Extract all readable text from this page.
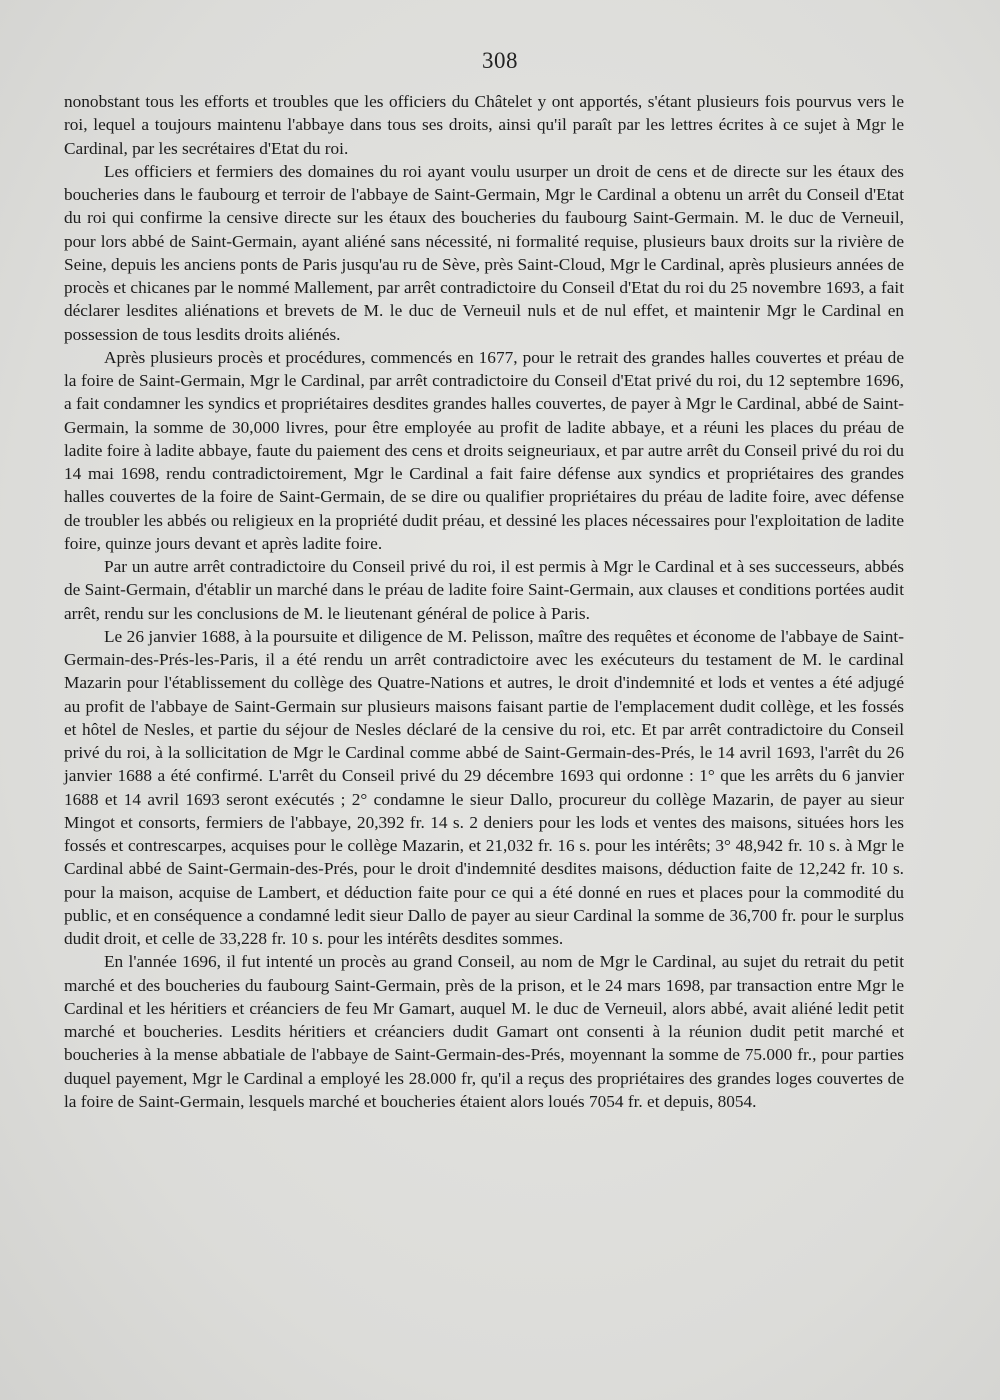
308

nonobstant tous les efforts et troubles que les officiers du Châtelet y ont apportés, s'étant plusieurs fois pourvus vers le roi, lequel a toujours maintenu l'abbaye dans tous ses droits, ainsi qu'il paraît par les lettres écrites à ce sujet à Mgr le Cardinal, par les secrétaires d'Etat du roi.

Les officiers et fermiers des domaines du roi ayant voulu usurper un droit de cens et de directe sur les étaux des boucheries dans le faubourg et terroir de l'abbaye de Saint-Germain, Mgr le Cardinal a obtenu un arrêt du Conseil d'Etat du roi qui confirme la censive directe sur les étaux des boucheries du faubourg Saint-Germain. M. le duc de Verneuil, pour lors abbé de Saint-Germain, ayant aliéné sans nécessité, ni formalité requise, plusieurs baux droits sur la rivière de Seine, depuis les anciens ponts de Paris jusqu'au ru de Sève, près Saint-Cloud, Mgr le Cardinal, après plusieurs années de procès et chicanes par le nommé Mallement, par arrêt contradictoire du Conseil d'Etat du roi du 25 novembre 1693, a fait déclarer lesdites aliénations et brevets de M. le duc de Verneuil nuls et de nul effet, et maintenir Mgr le Cardinal en possession de tous lesdits droits aliénés.

Après plusieurs procès et procédures, commencés en 1677, pour le retrait des grandes halles couvertes et préau de la foire de Saint-Germain, Mgr le Cardinal, par arrêt contradictoire du Conseil d'Etat privé du roi, du 12 septembre 1696, a fait condamner les syndics et propriétaires desdites grandes halles couvertes, de payer à Mgr le Cardinal, abbé de Saint-Germain, la somme de 30,000 livres, pour être employée au profit de ladite abbaye, et a réuni les places du préau de ladite foire à ladite abbaye, faute du paiement des cens et droits seigneuriaux, et par autre arrêt du Conseil privé du roi du 14 mai 1698, rendu contradictoirement, Mgr le Cardinal a fait faire défense aux syndics et propriétaires des grandes halles couvertes de la foire de Saint-Germain, de se dire ou qualifier propriétaires du préau de ladite foire, avec défense de troubler les abbés ou religieux en la propriété dudit préau, et dessiné les places nécessaires pour l'exploitation de ladite foire, quinze jours devant et après ladite foire.

Par un autre arrêt contradictoire du Conseil privé du roi, il est permis à Mgr le Cardinal et à ses successeurs, abbés de Saint-Germain, d'établir un marché dans le préau de ladite foire Saint-Germain, aux clauses et conditions portées audit arrêt, rendu sur les conclusions de M. le lieutenant général de police à Paris.

Le 26 janvier 1688, à la poursuite et diligence de M. Pelisson, maître des requêtes et économe de l'abbaye de Saint-Germain-des-Prés-les-Paris, il a été rendu un arrêt contradictoire avec les exécuteurs du testament de M. le cardinal Mazarin pour l'établissement du collège des Quatre-Nations et autres, le droit d'indemnité et lods et ventes a été adjugé au profit de l'abbaye de Saint-Germain sur plusieurs maisons faisant partie de l'emplacement dudit collège, et les fossés et hôtel de Nesles, et partie du séjour de Nesles déclaré de la censive du roi, etc. Et par arrêt contradictoire du Conseil privé du roi, à la sollicitation de Mgr le Cardinal comme abbé de Saint-Germain-des-Prés, le 14 avril 1693, l'arrêt du 26 janvier 1688 a été confirmé. L'arrêt du Conseil privé du 29 décembre 1693 qui ordonne : 1° que les arrêts du 6 janvier 1688 et 14 avril 1693 seront exécutés ; 2° condamne le sieur Dallo, procureur du collège Mazarin, de payer au sieur Mingot et consorts, fermiers de l'abbaye, 20,392 fr. 14 s. 2 deniers pour les lods et ventes des maisons, situées hors les fossés et contrescarpes, acquises pour le collège Mazarin, et 21,032 fr. 16 s. pour les intérêts; 3° 48,942 fr. 10 s. à Mgr le Cardinal abbé de Saint-Germain-des-Prés, pour le droit d'indemnité desdites maisons, déduction faite de 12,242 fr. 10 s. pour la maison, acquise de Lambert, et déduction faite pour ce qui a été donné en rues et places pour la commodité du public, et en conséquence a condamné ledit sieur Dallo de payer au sieur Cardinal la somme de 36,700 fr. pour le surplus dudit droit, et celle de 33,228 fr. 10 s. pour les intérêts desdites sommes.

En l'année 1696, il fut intenté un procès au grand Conseil, au nom de Mgr le Cardinal, au sujet du retrait du petit marché et des boucheries du faubourg Saint-Germain, près de la prison, et le 24 mars 1698, par transaction entre Mgr le Cardinal et les héritiers et créanciers de feu Mr Gamart, auquel M. le duc de Verneuil, alors abbé, avait aliéné ledit petit marché et boucheries. Lesdits héritiers et créanciers dudit Gamart ont consenti à la réunion dudit petit marché et boucheries à la mense abbatiale de l'abbaye de Saint-Germain-des-Prés, moyennant la somme de 75.000 fr., pour parties duquel payement, Mgr le Cardinal a employé les 28.000 fr, qu'il a reçus des propriétaires des grandes loges couvertes de la foire de Saint-Germain, lesquels marché et boucheries étaient alors loués 7054 fr. et depuis, 8054.
